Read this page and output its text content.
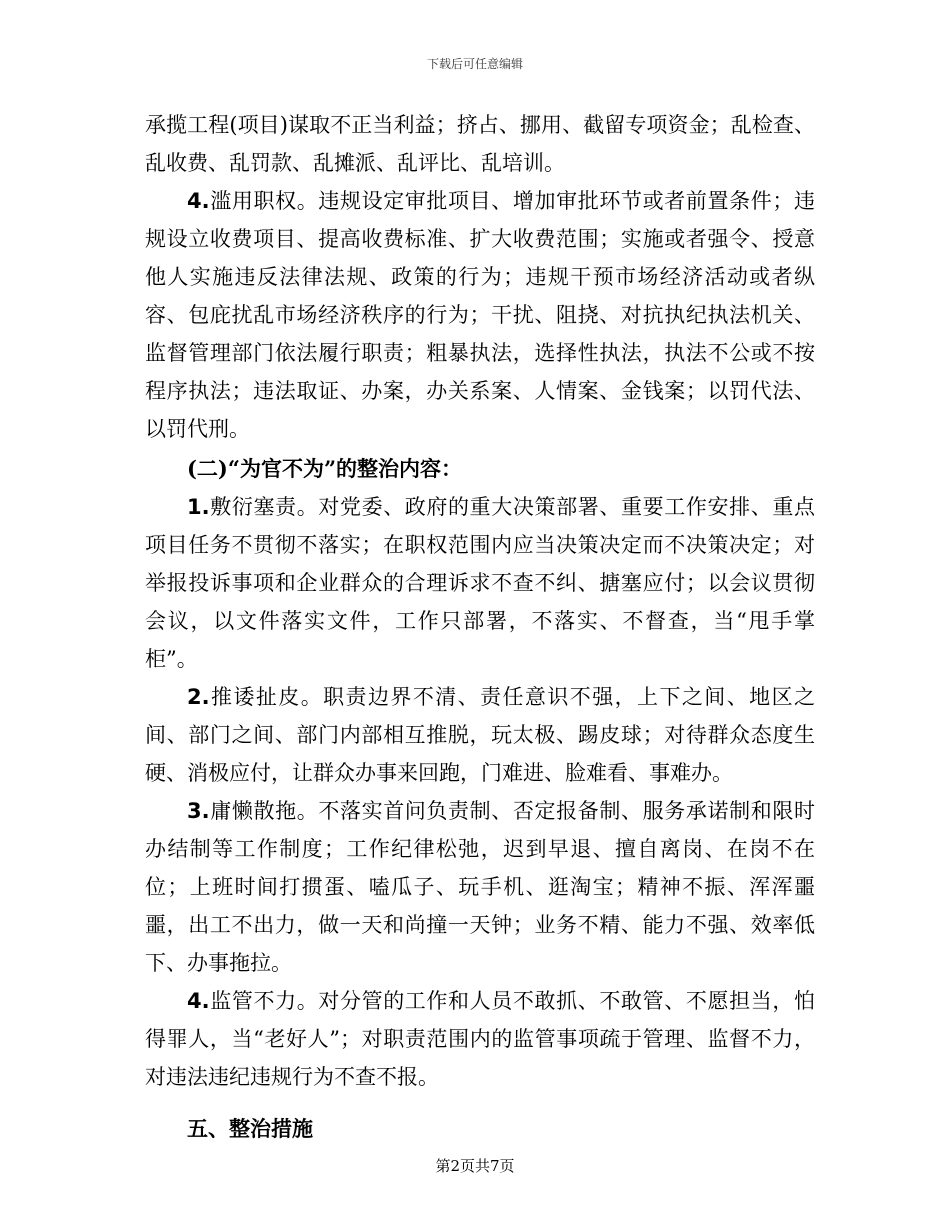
下载后可任意编辑

承揽工程(项目)谋取不正当利益；挤占、挪用、截留专项资金；乱检查、乱收费、乱罚款、乱摊派、乱评比、乱培训。

4.滥用职权。违规设定审批项目、增加审批环节或者前置条件；违规设立收费项目、提高收费标准、扩大收费范围；实施或者强令、授意他人实施违反法律法规、政策的行为；违规干预市场经济活动或者纵容、包庇扰乱市场经济秩序的行为；干扰、阻挠、对抗执纪执法机关、监督管理部门依法履行职责；粗暴执法，选择性执法，执法不公或不按程序执法；违法取证、办案，办关系案、人情案、金钱案；以罚代法、以罚代刑。

(二)“为官不为”的整治内容：

1.敷衍塞责。对党委、政府的重大决策部署、重要工作安排、重点项目任务不贯彻不落实；在职权范围内应当决策决定而不决策决定；对举报投诉事项和企业群众的合理诉求不查不纠、搪塞应付；以会议贯彻会议，以文件落实文件，工作只部署，不落实、不督查，当“甩手掌柜”。

2.推诿扯皮。职责边界不清、责任意识不强，上下之间、地区之间、部门之间、部门内部相互推脱，玩太极、踢皮球；对待群众态度生硬、消极应付，让群众办事来回跑，门难进、脸难看、事难办。

3.庸懒散拖。不落实首问负责制、否定报备制、服务承诺制和限时办结制等工作制度；工作纪律松弛，迟到早退、擅自离岗、在岗不在位；上班时间打掼蛋、嗑瓜子、玩手机、逛淘宝；精神不振、浑浑噩噩，出工不出力，做一天和尚撞一天钟；业务不精、能力不强、效率低下、办事拖拉。

4.监管不力。对分管的工作和人员不敢抓、不敢管、不愿担当，怕得罪人，当“老好人”；对职责范围内的监管事项疏于管理、监督不力，对违法违纪违规行为不查不报。

五、整治措施

第2页共7页
